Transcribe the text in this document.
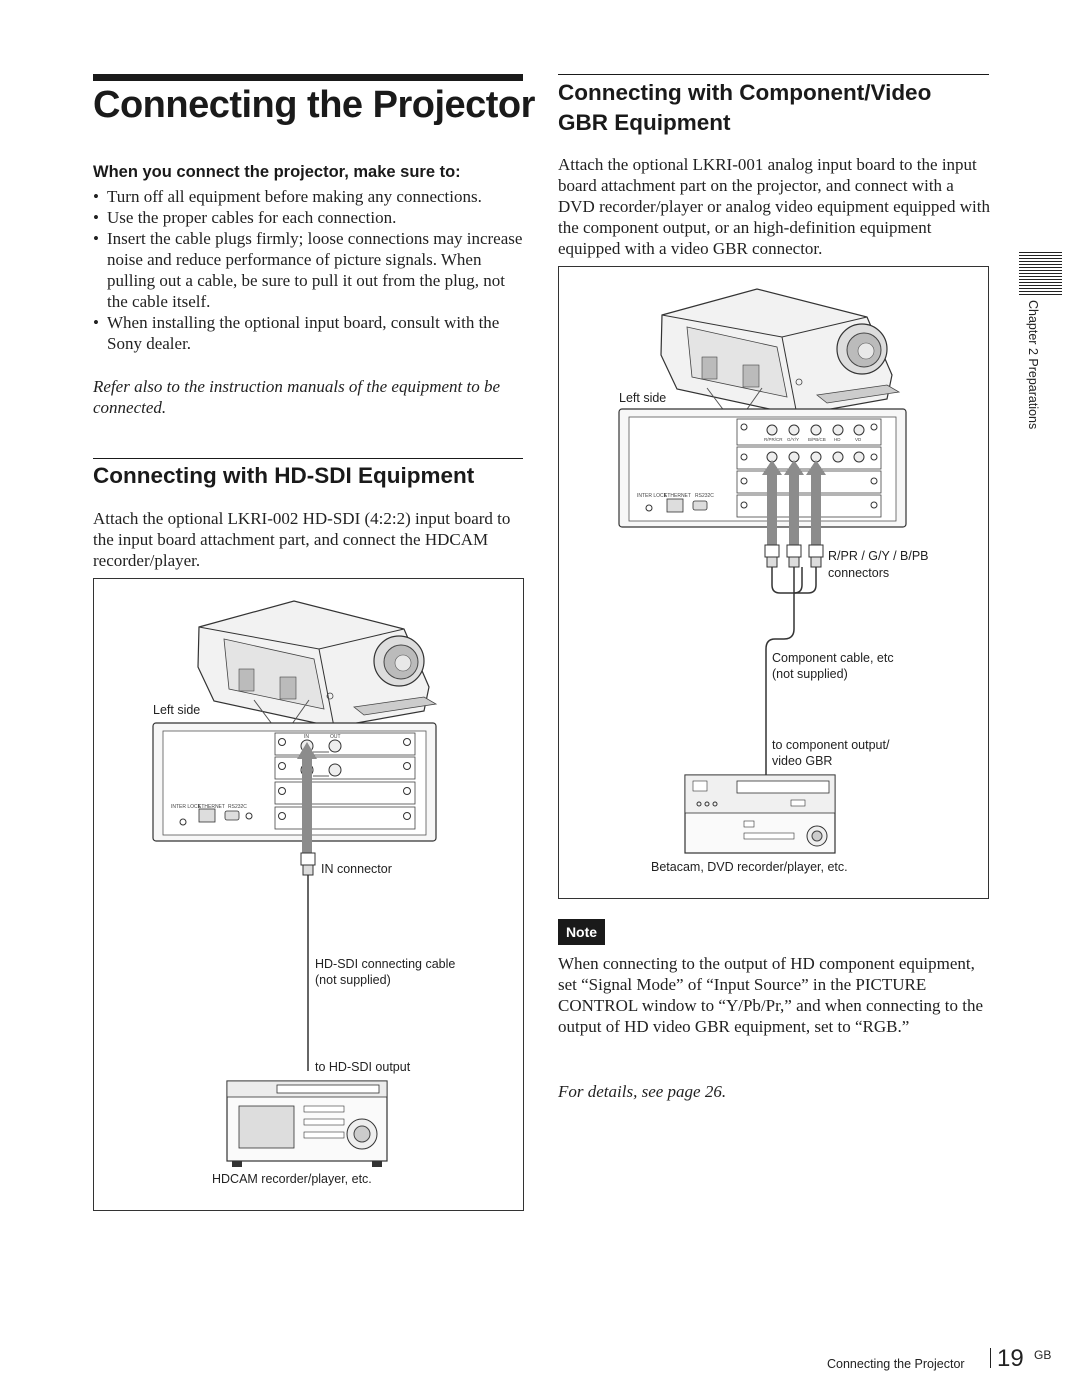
Connecting the Projector
When you connect the projector, make sure to:
• Turn off all equipment before making any connections.
• Use the proper cables for each connection.
• Insert the cable plugs firmly; loose connections may increase noise and reduce performance of picture signals. When pulling out a cable, be sure to pull it out from the plug, not the cable itself.
• When installing the optional input board, consult with the Sony dealer.
Refer also to the instruction manuals of the equipment to be connected.
Connecting with HD-SDI Equipment
Attach the optional LKRI-002 HD-SDI (4:2:2) input board to the input board attachment part, and connect the HDCAM recorder/player.
Left side
IN connector
HD-SDI connecting cable
(not supplied)
to HD-SDI output
HDCAM recorder/player, etc.
INTER LOCK
ETHERNET RS232C
IN	OUT
Connecting with Component/Video
GBR Equipment
Attach the optional LKRI-001 analog input board to the input board attachment part on the projector, and connect with a DVD recorder/player or analog video equipment equipped with the component output, or an high-definition equipment equipped with a video GBR connector.
Left side
R/PR / G/Y / B/PB
connectors
Component cable, etc
(not supplied)
to component output/
video GBR
Betacam, DVD recorder/player, etc.
INTER LOCK
ETHERNET RS232C
R/PR/CR G/Y/Y B/PB/CB HD	VD
Note
When connecting to the output of HD component equipment, set “Signal Mode” of “Input Source” in the PICTURE CONTROL window to “Y/Pb/Pr,” and when connecting to the output of HD video GBR equipment, set to “RGB.”
For details, see page 26.
Chapter 2 Preparations
Connecting the Projector 19 GB
